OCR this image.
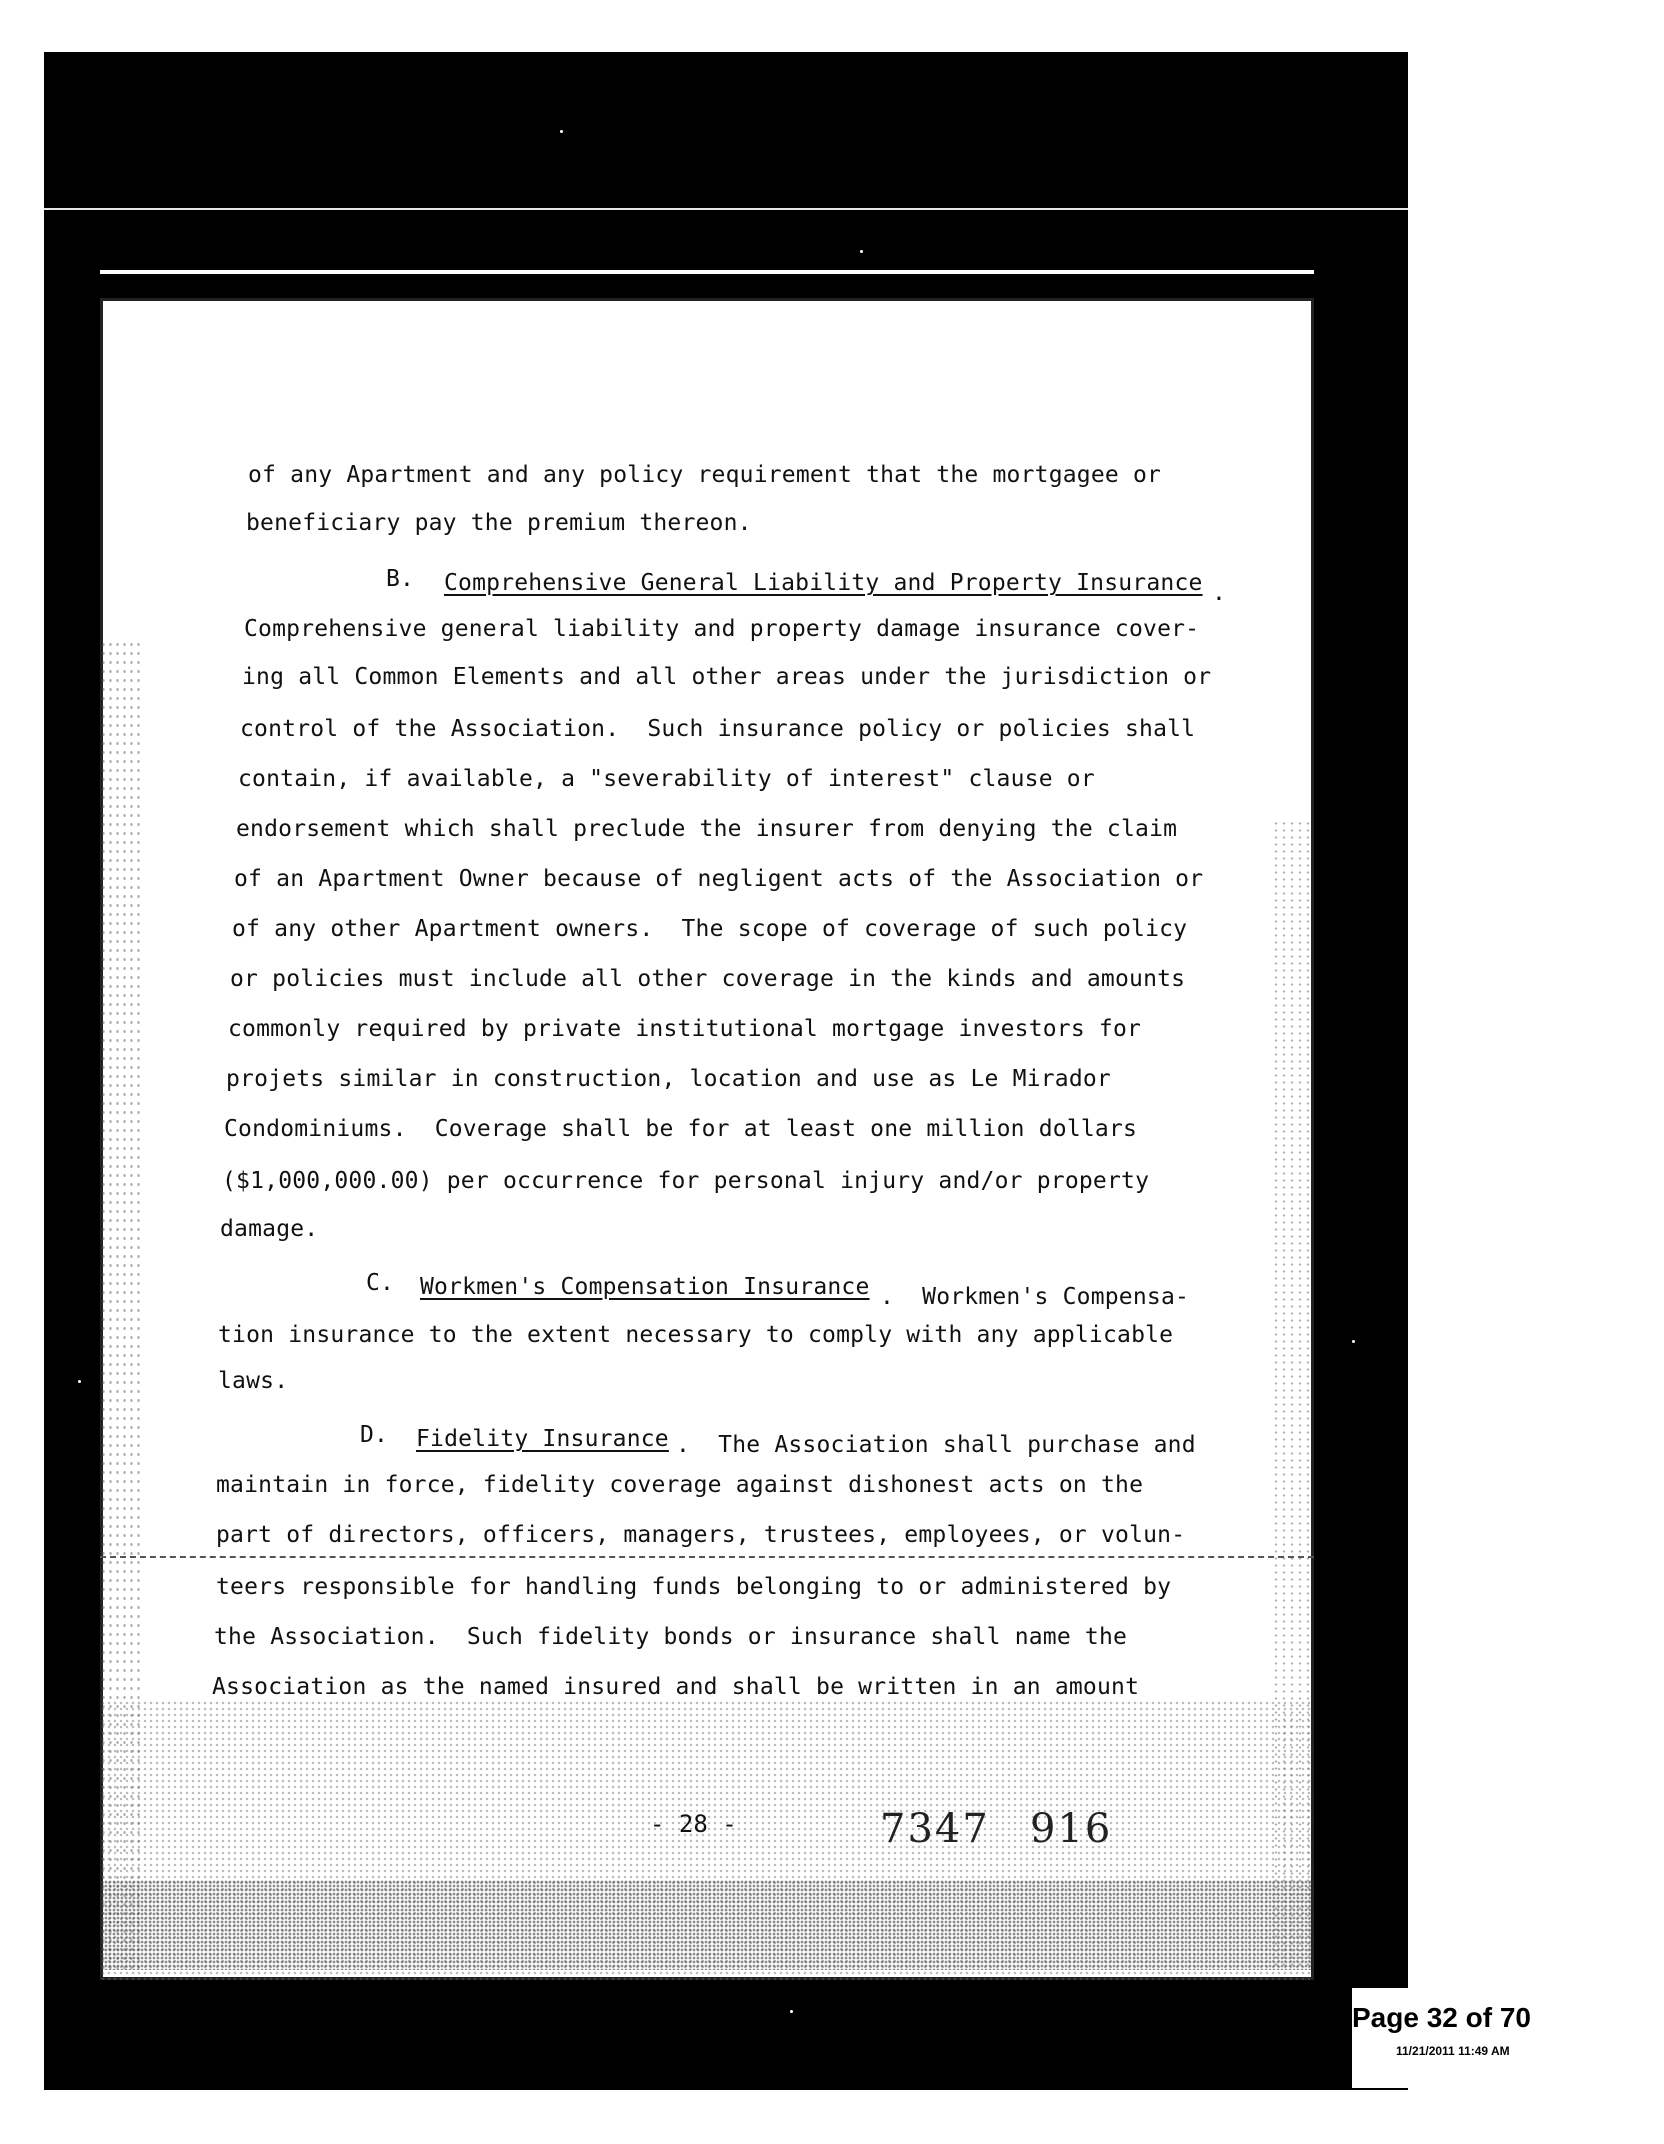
of any Apartment and any policy requirement that the mortgagee or
beneficiary pay the premium thereon.
B. Comprehensive General Liability and Property Insurance .
Comprehensive general liability and property damage insurance cover-
ing all Common Elements and all other areas under the jurisdiction or
control of the Association.  Such insurance policy or policies shall
contain, if available, a "severability of interest" clause or
endorsement which shall preclude the insurer from denying the claim
of an Apartment Owner because of negligent acts of the Association or
of any other Apartment owners.  The scope of coverage of such policy
or policies must include all other coverage in the kinds and amounts
commonly required by private institutional mortgage investors for
projets similar in construction, location and use as Le Mirador
Condominiums.  Coverage shall be for at least one million dollars
($1,000,000.00) per occurrence for personal injury and/or property
damage.
C. Workmen's Compensation Insurance .  Workmen's Compensa-
tion insurance to the extent necessary to comply with any applicable
laws.
D. Fidelity Insurance .  The Association shall purchase and
maintain in force, fidelity coverage against dishonest acts on the
part of directors, officers, managers, trustees, employees, or volun-
teers responsible for handling funds belonging to or administered by
the Association.  Such fidelity bonds or insurance shall name the
Association as the named insured and shall be written in an amount
- 28 -	7347 916
Page 32 of 70
11/21/2011 11:49 AM
